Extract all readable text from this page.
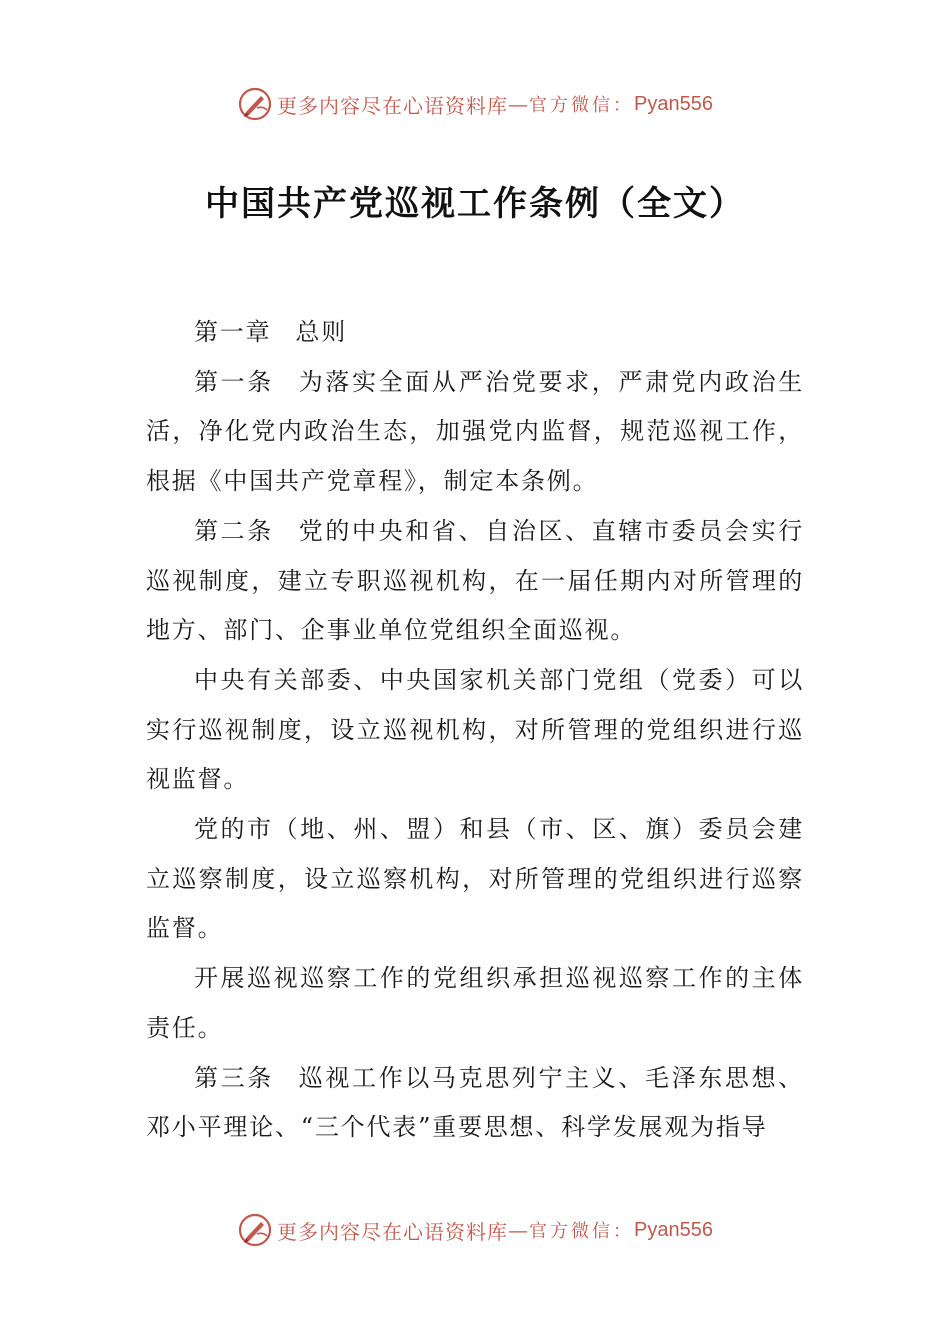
更多内容尽在心语资料库 — 官方微信： Pyan556
中国共产党巡视工作条例（全文）

第一章 总则

第一条 为落实全面从严治党要求，严肃党内政治生活，净化党内政治生态，加强党内监督，规范巡视工作，根据《中国共产党章程》，制定本条例。

第二条 党的中央和省、自治区、直辖市委员会实行巡视制度，建立专职巡视机构，在一届任期内对所管理的地方、部门、企事业单位党组织全面巡视。

中央有关部委、中央国家机关部门党组（党委）可以实行巡视制度，设立巡视机构，对所管理的党组织进行巡视监督。

党的市（地、州、盟）和县（市、区、旗）委员会建立巡察制度，设立巡察机构，对所管理的党组织进行巡察监督。

开展巡视巡察工作的党组织承担巡视巡察工作的主体责任。

第三条 巡视工作以马克思列宁主义、毛泽东思想、邓小平理论、“三个代表”重要思想、科学发展观为指导

更多内容尽在心语资料库 — 官方微信： Pyan556
